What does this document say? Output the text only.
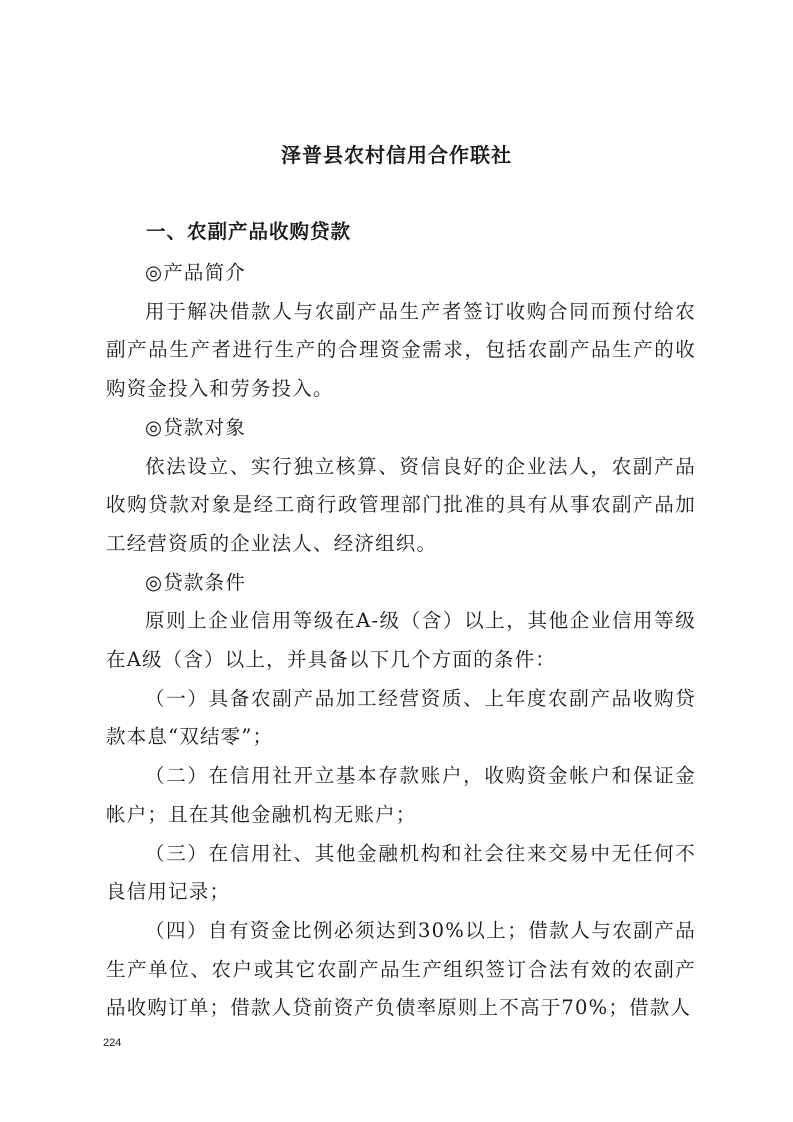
泽普县农村信用合作联社
一、农副产品收购贷款

◎产品简介

用于解决借款人与农副产品生产者签订收购合同而预付给农副产品生产者进行生产的合理资金需求，包括农副产品生产的收购资金投入和劳务投入。

◎贷款对象

依法设立、实行独立核算、资信良好的企业法人，农副产品收购贷款对象是经工商行政管理部门批准的具有从事农副产品加工经营资质的企业法人、经济组织。

◎贷款条件

原则上企业信用等级在A-级（含）以上，其他企业信用等级在A级（含）以上，并具备以下几个方面的条件：

（一）具备农副产品加工经营资质、上年度农副产品收购贷款本息“双结零”；

（二）在信用社开立基本存款账户，收购资金帐户和保证金帐户；且在其他金融机构无账户；

（三）在信用社、其他金融机构和社会往来交易中无任何不良信用记录；

（四）自有资金比例必须达到30%以上；借款人与农副产品生产单位、农户或其它农副产品生产组织签订合法有效的农副产品收购订单；借款人贷前资产负债率原则上不高于70%；借款人

224
